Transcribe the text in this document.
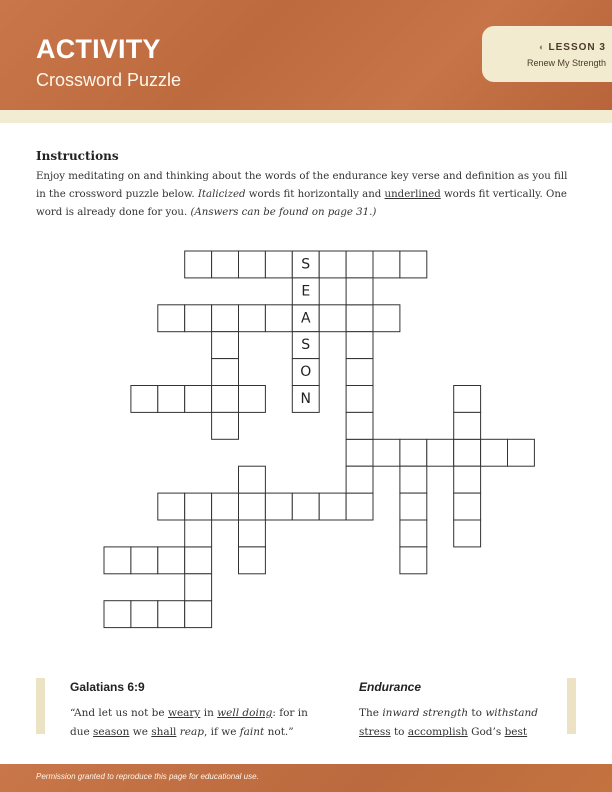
ACTIVITY
Crossword Puzzle
◐ LESSON 3
Renew My Strength
Instructions
Enjoy meditating on and thinking about the words of the endurance key verse and definition as you fill in the crossword puzzle below. Italicized words fit horizontally and underlined words fit vertically. One word is already done for you. (Answers can be found on page 31.)
S
E
A
S
O
N
Galatians 6:9
“And let us not be weary in well doing: for in due season we shall reap, if we faint not.”
Endurance
The inward strength to withstand stress to accomplish God’s best
Permission granted to reproduce this page for educational use.
